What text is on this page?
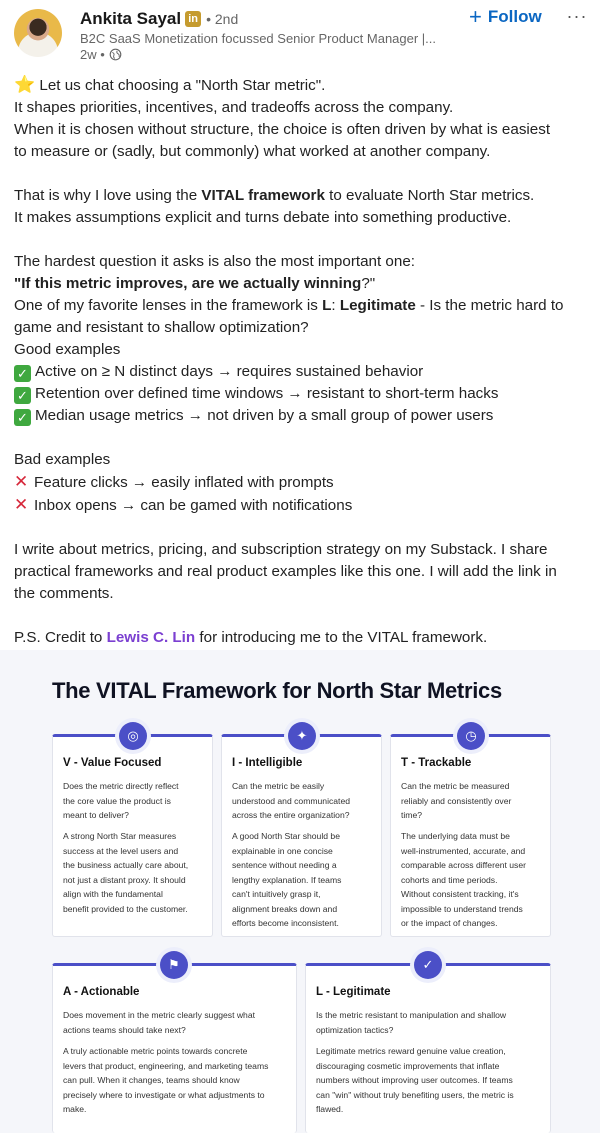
Ankita Sayal in • 2nd
B2C SaaS Monetization focussed Senior Product Manager |...
2w •
+ Follow ···
⭐ Let us chat choosing a "North Star metric".
It shapes priorities, incentives, and tradeoffs across the company.
When it is chosen without structure, the choice is often driven by what is easiest
to measure or (sadly, but commonly) what worked at another company.
That is why I love using the VITAL framework to evaluate North Star metrics.
It makes assumptions explicit and turns debate into something productive.
The hardest question it asks is also the most important one:
"If this metric improves, are we actually winning?"
One of my favorite lenses in the framework is L: Legitimate - Is the metric hard to
game and resistant to shallow optimization?
Good examples
✓ Active on ≥ N distinct days → requires sustained behavior
✓ Retention over defined time windows → resistant to short-term hacks
✓ Median usage metrics → not driven by a small group of power users
Bad examples
✕ Feature clicks → easily inflated with prompts
✕ Inbox opens → can be gamed with notifications
I write about metrics, pricing, and subscription strategy on my Substack. I share
practical frameworks and real product examples like this one. I will add the link in
the comments.
P.S. Credit to Lewis C. Lin for introducing me to the VITAL framework.
The VITAL Framework for North Star Metrics
◎
V - Value Focused
Does the metric directly reflect
the core value the product is
meant to deliver?
A strong North Star measures
success at the level users and
the business actually care about,
not just a distant proxy. It should
align with the fundamental
benefit provided to the customer.
✦
I - Intelligible
Can the metric be easily
understood and communicated
across the entire organization?
A good North Star should be
explainable in one concise
sentence without needing a
lengthy explanation. If teams
can't intuitively grasp it,
alignment breaks down and
efforts become inconsistent.
◷
T - Trackable
Can the metric be measured
reliably and consistently over
time?
The underlying data must be
well-instrumented, accurate, and
comparable across different user
cohorts and time periods.
Without consistent tracking, it's
impossible to understand trends
or the impact of changes.
⚑
A - Actionable
Does movement in the metric clearly suggest what
actions teams should take next?
A truly actionable metric points towards concrete
levers that product, engineering, and marketing teams
can pull. When it changes, teams should know
precisely where to investigate or what adjustments to
make.
✓
L - Legitimate
Is the metric resistant to manipulation and shallow
optimization tactics?
Legitimate metrics reward genuine value creation,
discouraging cosmetic improvements that inflate
numbers without improving user outcomes. If teams
can "win" without truly benefiting users, the metric is
flawed.
